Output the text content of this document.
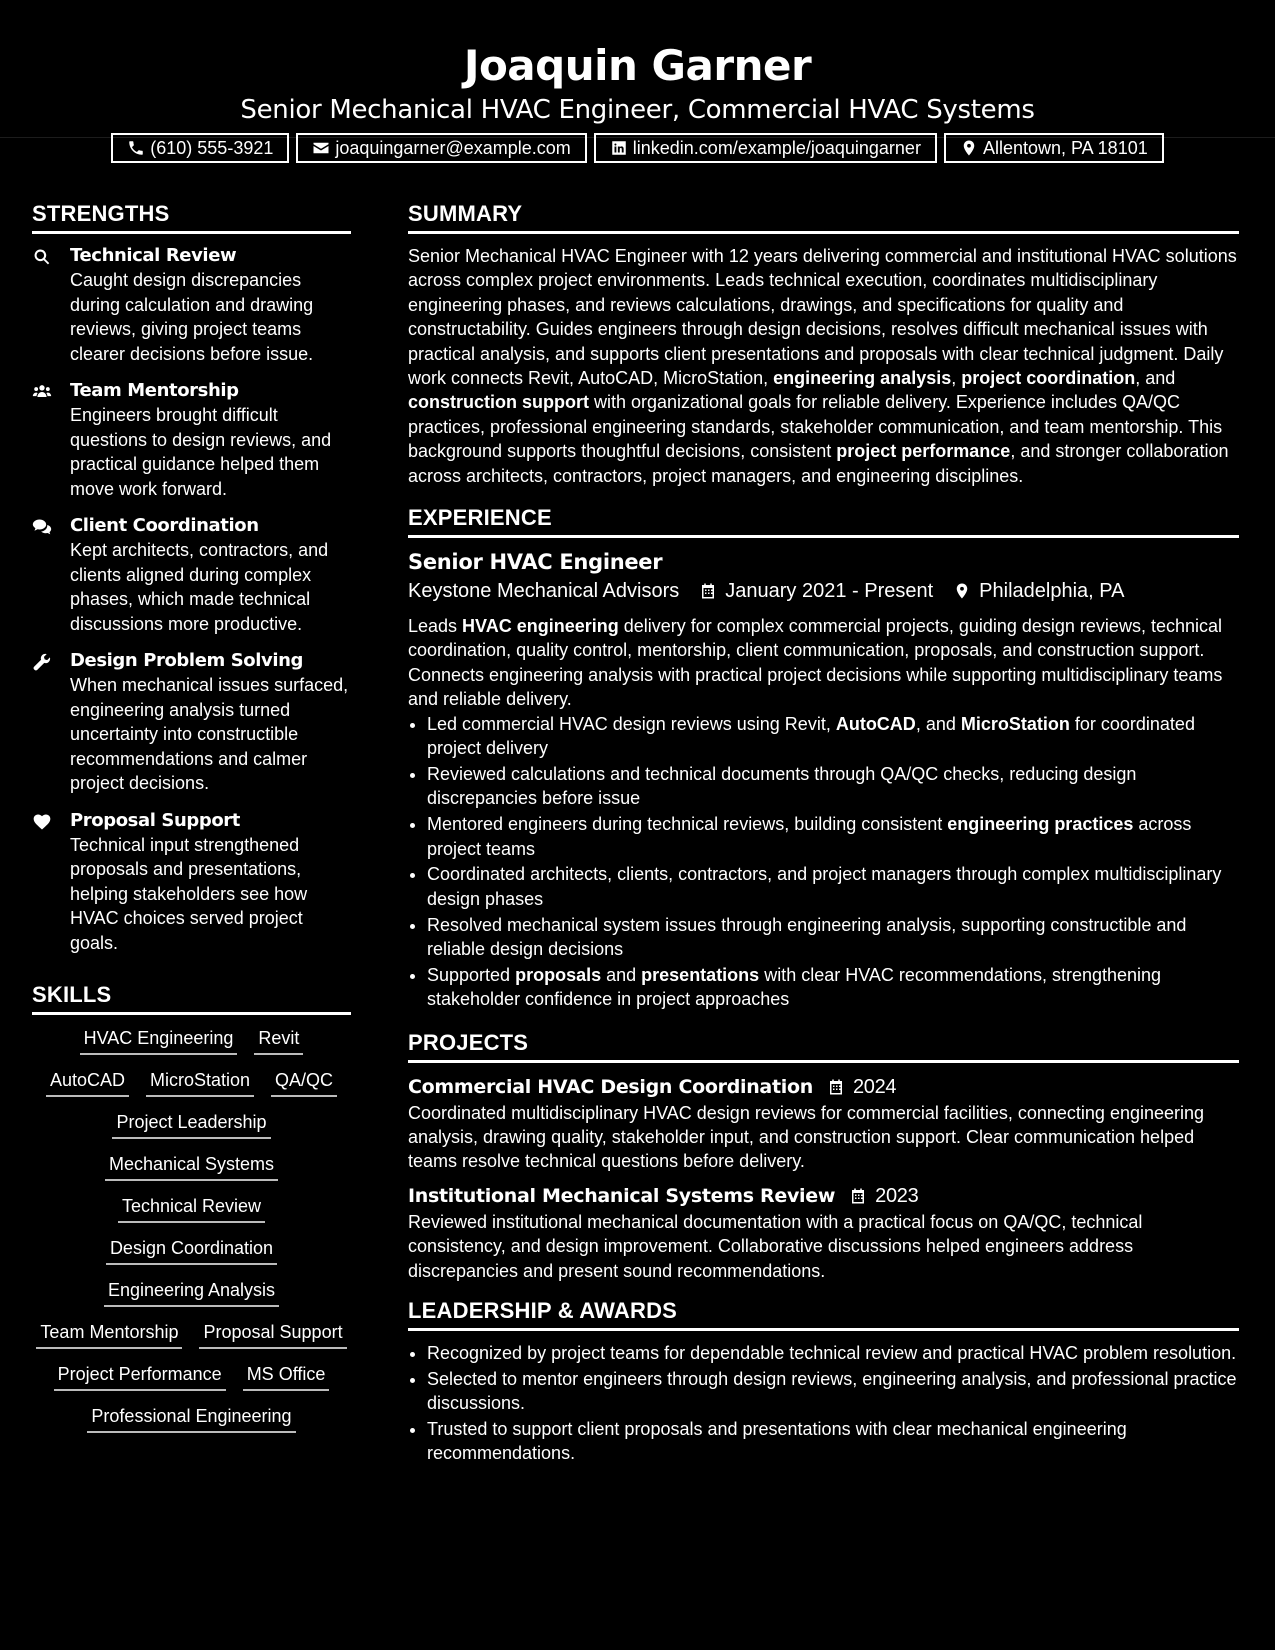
Joaquin Garner
Senior Mechanical HVAC Engineer, Commercial HVAC Systems
(610) 555-3921	joaquingarner@example.com	linkedin.com/example/joaquingarner	Allentown, PA 18101
STRENGTHS
Technical Review
Caught design discrepancies during calculation and drawing reviews, giving project teams clearer decisions before issue.
Team Mentorship
Engineers brought difficult questions to design reviews, and practical guidance helped them move work forward.
Client Coordination
Kept architects, contractors, and clients aligned during complex phases, which made technical discussions more productive.
Design Problem Solving
When mechanical issues surfaced, engineering analysis turned uncertainty into constructible recommendations and calmer project decisions.
Proposal Support
Technical input strengthened proposals and presentations, helping stakeholders see how HVAC choices served project goals.
SKILLS
HVAC Engineering Revit
AutoCAD MicroStation QA/QC
Project Leadership
Mechanical Systems
Technical Review
Design Coordination
Engineering Analysis
Team Mentorship Proposal Support
Project Performance MS Office
Professional Engineering
SUMMARY
Senior Mechanical HVAC Engineer with 12 years delivering commercial and institutional HVAC solutions across complex project environments. Leads technical execution, coordinates multidisciplinary engineering phases, and reviews calculations, drawings, and specifications for quality and constructability. Guides engineers through design decisions, resolves difficult mechanical issues with practical analysis, and supports client presentations and proposals with clear technical judgment. Daily work connects Revit, AutoCAD, MicroStation, engineering analysis, project coordination, and construction support with organizational goals for reliable delivery. Experience includes QA/QC practices, professional engineering standards, stakeholder communication, and team mentorship. This background supports thoughtful decisions, consistent project performance, and stronger collaboration across architects, contractors, project managers, and engineering disciplines.
EXPERIENCE
Senior HVAC Engineer
Keystone Mechanical Advisors January 2021 - Present Philadelphia, PA
Leads HVAC engineering delivery for complex commercial projects, guiding design reviews, technical coordination, quality control, mentorship, client communication, proposals, and construction support. Connects engineering analysis with practical project decisions while supporting multidisciplinary teams and reliable delivery.
• Led commercial HVAC design reviews using Revit, AutoCAD, and MicroStation for coordinated project delivery
• Reviewed calculations and technical documents through QA/QC checks, reducing design discrepancies before issue
• Mentored engineers during technical reviews, building consistent engineering practices across project teams
• Coordinated architects, clients, contractors, and project managers through complex multidisciplinary design phases
• Resolved mechanical system issues through engineering analysis, supporting constructible and reliable design decisions
• Supported proposals and presentations with clear HVAC recommendations, strengthening stakeholder confidence in project approaches
PROJECTS
Commercial HVAC Design Coordination 2024
Coordinated multidisciplinary HVAC design reviews for commercial facilities, connecting engineering analysis, drawing quality, stakeholder input, and construction support. Clear communication helped teams resolve technical questions before delivery.
Institutional Mechanical Systems Review 2023
Reviewed institutional mechanical documentation with a practical focus on QA/QC, technical consistency, and design improvement. Collaborative discussions helped engineers address discrepancies and present sound recommendations.
LEADERSHIP & AWARDS
• Recognized by project teams for dependable technical review and practical HVAC problem resolution.
• Selected to mentor engineers through design reviews, engineering analysis, and professional practice discussions.
• Trusted to support client proposals and presentations with clear mechanical engineering recommendations.
